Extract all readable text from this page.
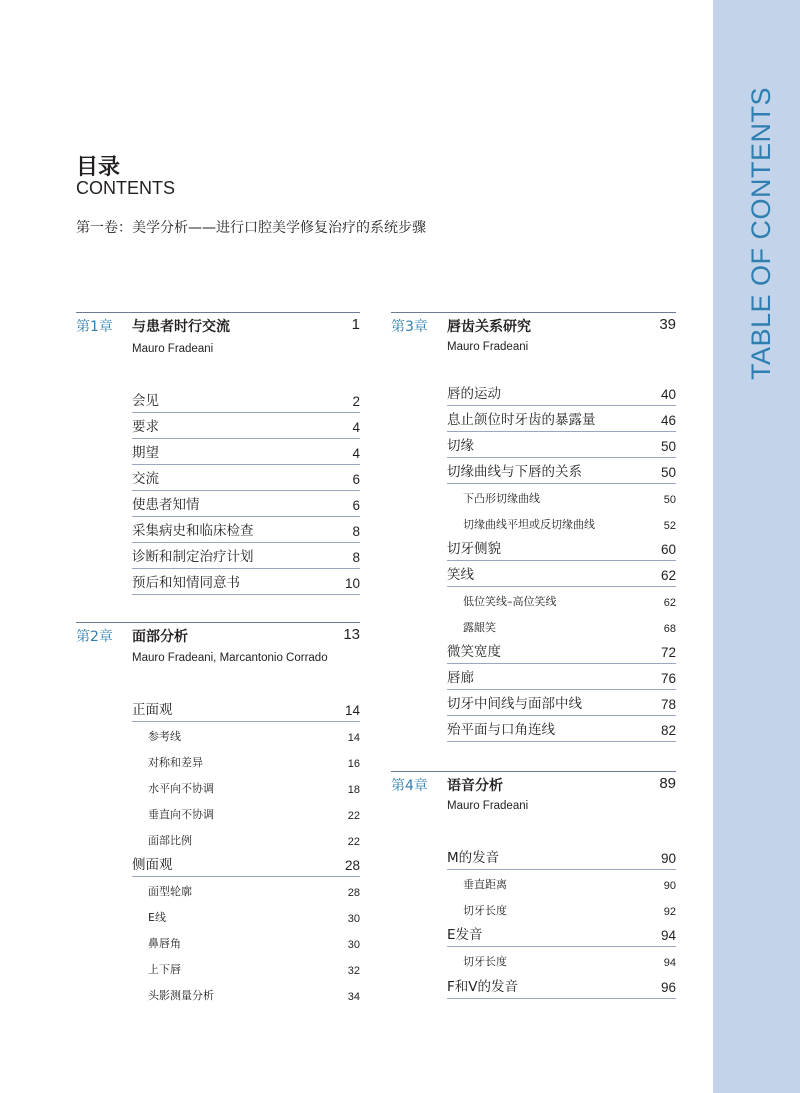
TABLE OF CONTENTS
目录
CONTENTS
第一卷：美学分析——进行口腔美学修复治疗的系统步骤
第1章 与患者时行交流	1
Mauro Fradeani
会见	2
要求	4
期望	4
交流	6
使患者知情	6
采集病史和临床检查	8
诊断和制定治疗计划	8
预后和知情同意书	10
第2章 面部分析	13
Mauro Fradeani, Marcantonio Corrado
正面观	14
参考线	14
对称和差异	16
水平向不协调	18
垂直向不协调	22
面部比例	22
侧面观	28
面型轮廓	28
E线	30
鼻唇角	30
上下唇	32
头影测量分析	34
第3章 唇齿关系研究	39
Mauro Fradeani
唇的运动	40
息止颌位时牙齿的暴露量	46
切缘	50
切缘曲线与下唇的关系	50
下凸形切缘曲线	50
切缘曲线平坦或反切缘曲线	52
切牙侧貌	60
笑线	62
低位笑线–高位笑线	62
露龈笑	68
微笑宽度	72
唇廊	76
切牙中间线与面部中线	78
殆平面与口角连线	82
第4章 语音分析	89
Mauro Fradeani
M的发音	90
垂直距离	90
切牙长度	92
E发音	94
切牙长度	94
F和V的发音	96
